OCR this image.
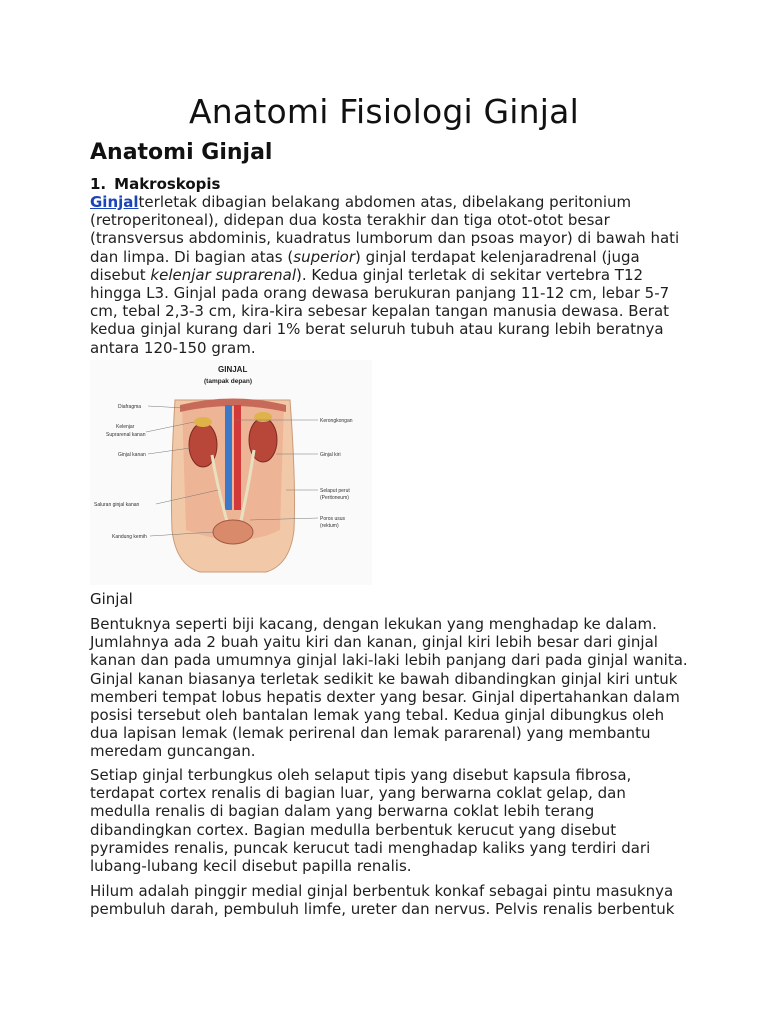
Anatomi Fisiologi Ginjal
Anatomi Ginjal

1. Makroskopis

Ginjalterletak dibagian belakang abdomen atas, dibelakang peritonium (retroperitoneal), didepan dua kosta terakhir dan tiga otot-otot besar (transversus abdominis, kuadratus lumborum dan psoas mayor) di bawah hati dan limpa. Di bagian atas (superior) ginjal terdapat kelenjaradrenal (juga disebut kelenjar suprarenal). Kedua ginjal terletak di sekitar vertebra T12 hingga L3. Ginjal pada orang dewasa berukuran panjang 11-12 cm, lebar 5-7 cm, tebal 2,3-3 cm, kira-kira sebesar kepalan tangan manusia dewasa. Berat kedua ginjal kurang dari 1% berat seluruh tubuh atau kurang lebih beratnya antara 120-150 gram.

GINJAL
(tampak depan)
Diafragma
Kelenjar
Suprarenal kanan
Ginjal kanan
Saluran ginjal kanan
Kandung kemih
Kerongkongan
Ginjal kiri
Selaput perut
(Peritoneum)
Poros usus
(rektum)

Ginjal

Bentuknya seperti biji kacang, dengan lekukan yang menghadap ke dalam. Jumlahnya ada 2 buah yaitu kiri dan kanan, ginjal kiri lebih besar dari ginjal kanan dan pada umumnya ginjal laki-laki lebih panjang dari pada ginjal wanita. Ginjal kanan biasanya terletak sedikit ke bawah dibandingkan ginjal kiri untuk memberi tempat lobus hepatis dexter yang besar. Ginjal dipertahankan dalam posisi tersebut oleh bantalan lemak yang tebal. Kedua ginjal dibungkus oleh dua lapisan lemak (lemak perirenal dan lemak pararenal) yang membantu meredam guncangan.

Setiap ginjal terbungkus oleh selaput tipis yang disebut kapsula fibrosa, terdapat cortex renalis di bagian luar, yang berwarna coklat gelap, dan medulla renalis di bagian dalam yang berwarna coklat lebih terang dibandingkan cortex. Bagian medulla berbentuk kerucut yang disebut pyramides renalis, puncak kerucut tadi menghadap kaliks yang terdiri dari lubang-lubang kecil disebut papilla renalis.

Hilum adalah pinggir medial ginjal berbentuk konkaf sebagai pintu masuknya pembuluh darah, pembuluh limfe, ureter dan nervus. Pelvis renalis berbentuk
